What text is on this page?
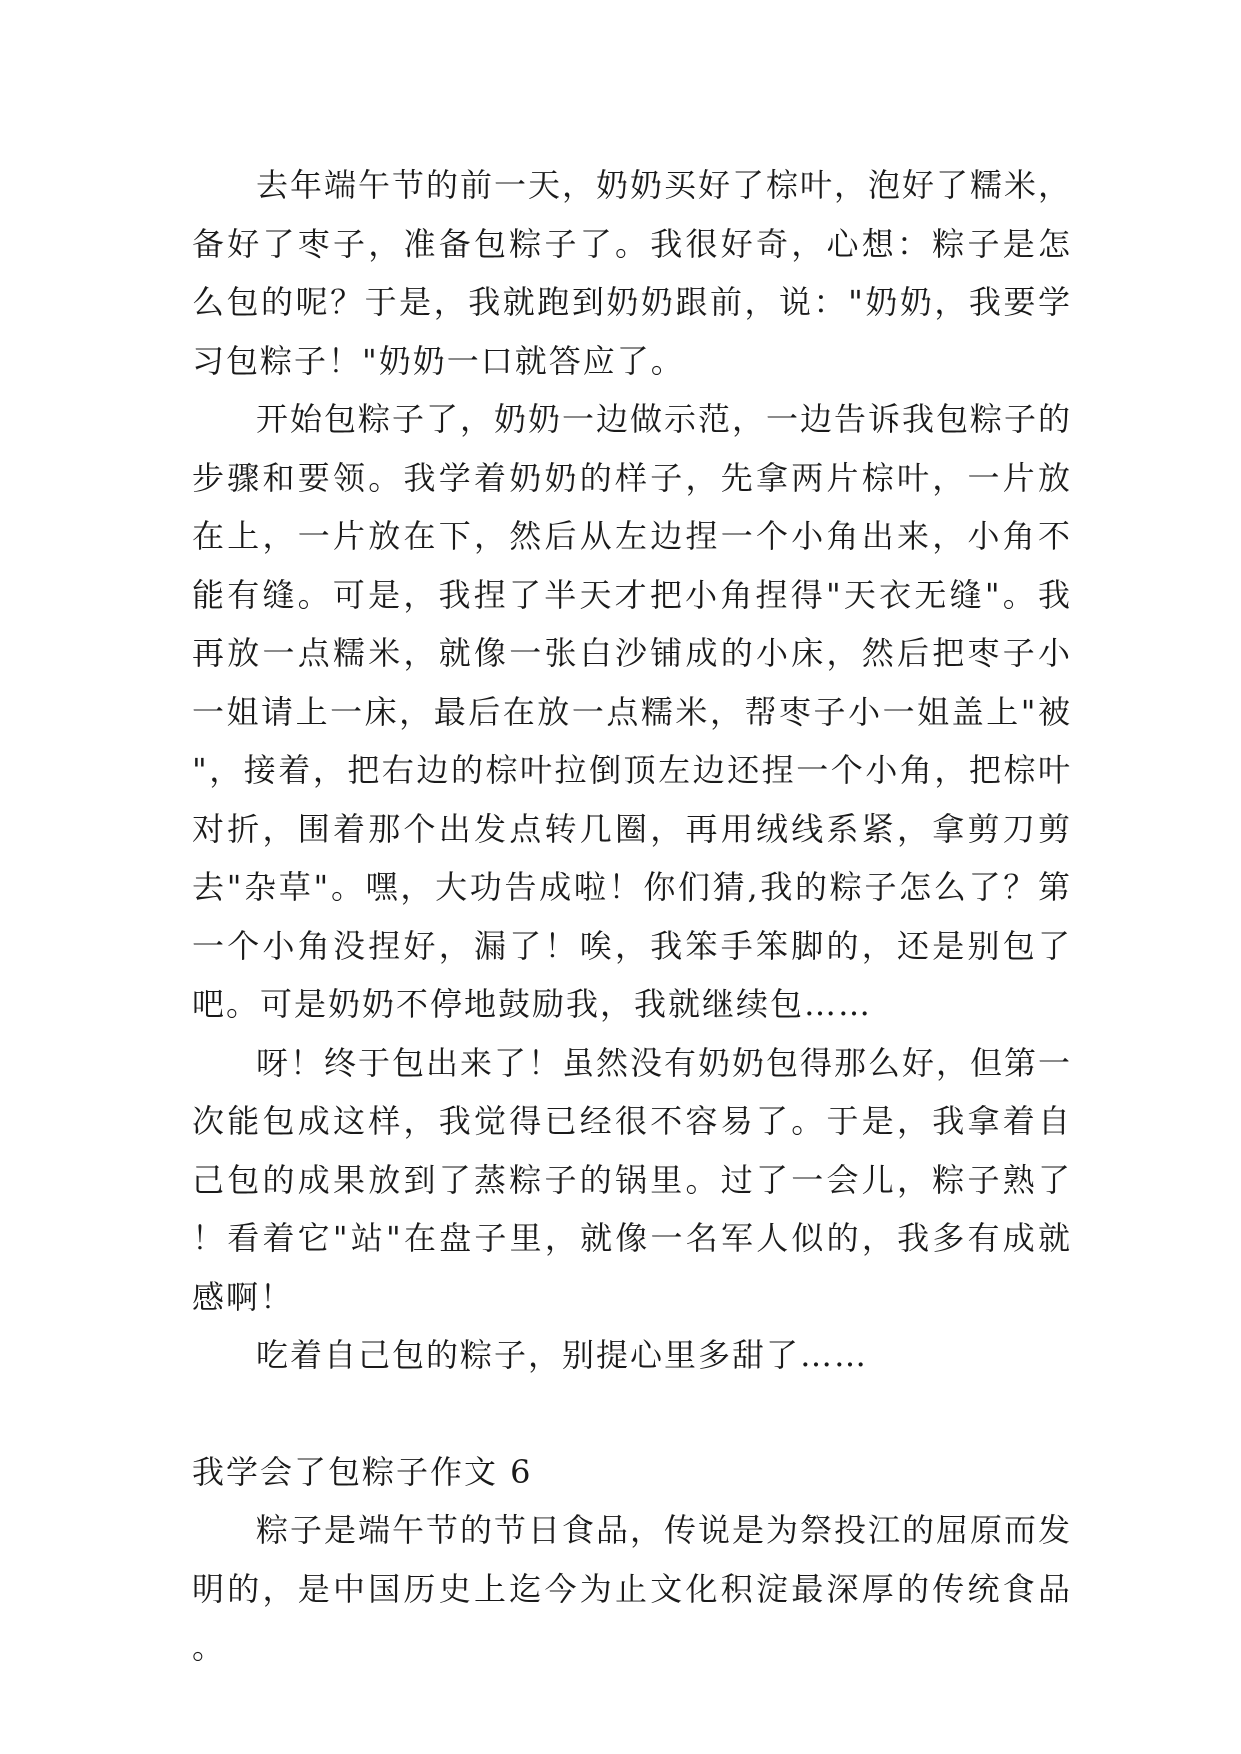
去年端午节的前一天，奶奶买好了棕叶，泡好了糯米，备好了枣子，准备包粽子了。我很好奇，心想：粽子是怎么包的呢？于是，我就跑到奶奶跟前，说："奶奶，我要学习包粽子！"奶奶一口就答应了。

开始包粽子了，奶奶一边做示范，一边告诉我包粽子的步骤和要领。我学着奶奶的样子，先拿两片棕叶，一片放在上，一片放在下，然后从左边捏一个小角出来，小角不能有缝。可是，我捏了半天才把小角捏得"天衣无缝"。我再放一点糯米，就像一张白沙铺成的小床，然后把枣子小一姐请上一床，最后在放一点糯米，帮枣子小一姐盖上"被"，接着，把右边的棕叶拉倒顶左边还捏一个小角，把棕叶对折，围着那个出发点转几圈，再用绒线系紧，拿剪刀剪去"杂草"。嘿，大功告成啦！你们猜,我的粽子怎么了？第一个小角没捏好，漏了！唉，我笨手笨脚的，还是别包了吧。可是奶奶不停地鼓励我，我就继续包……

呀！终于包出来了！虽然没有奶奶包得那么好，但第一次能包成这样，我觉得已经很不容易了。于是，我拿着自己包的成果放到了蒸粽子的锅里。过了一会儿，粽子熟了！看着它"站"在盘子里，就像一名军人似的，我多有成就感啊！

吃着自己包的粽子，别提心里多甜了……

我学会了包粽子作文 6

粽子是端午节的节日食品，传说是为祭投江的屈原而发明的，是中国历史上迄今为止文化积淀最深厚的传统食品。
